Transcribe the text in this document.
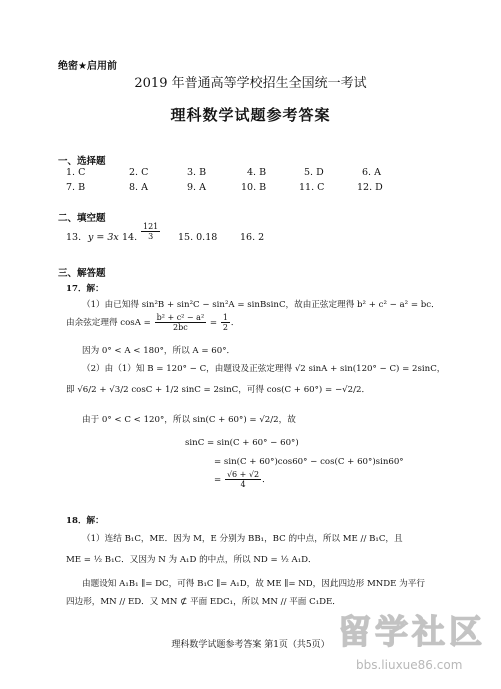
绝密★启用前
2019 年普通高等学校招生全国统一考试
理科数学试题参考答案
一、选择题
1. C	2. C	3. B	4. B	5. D	6. A
7. B	8. A	9. A	10. B	11. C	12. D
二、填空题
13. y = 3x 14. $\frac{121}{3} 15$. 0.18 16. 2
三、解答题
17．解：
（1）由已知得 sin²B + sin²C − sin²A = sinBsinC，故由正弦定理得 b² + c² − a² = bc．
由余弦定理得 $\cos A = \frac{\text{b² + c² − a²}}{2bc} = \frac{1}{2}$ ．
因为 0° < A < 180°，所以 A = 60°．
（2）由（1）知 B = 120° − C，由题设及正弦定理得 √2 sinA + sin(120° − C) = 2sinC，
即 √6/2 + √3/2 cosC + 1/2 sinC = 2sinC，可得 cos(C + 60°) = −√2/2．
由于 0° < C < 120°，所以 sin(C + 60°) = √2/2，故
sinC = sin(C + 60° − 60°)
= sin(C + 60°)cos60° − cos(C + 60°)sin60°
= $\frac{√6 + √2}{4}$ ．
18．解：
（1）连结 B₁C，ME．因为 M，E 分别为 BB₁，BC 的中点，所以 ME // B₁C，且
ME = ½ B₁C．又因为 N 为 A₁D 的中点，所以 ND = ½ A₁D．
由题设知 A₁B₁ ∥= DC，可得 B₁C ∥= A₁D，故 ME ∥= ND，因此四边形 MNDE 为平行
四边形，MN // ED．又 MN ⊄ 平面 EDC₁，所以 MN // 平面 C₁DE．
理科数学试题参考答案 第1页（共5页） 留学社区
bbs.liuxue86.com
